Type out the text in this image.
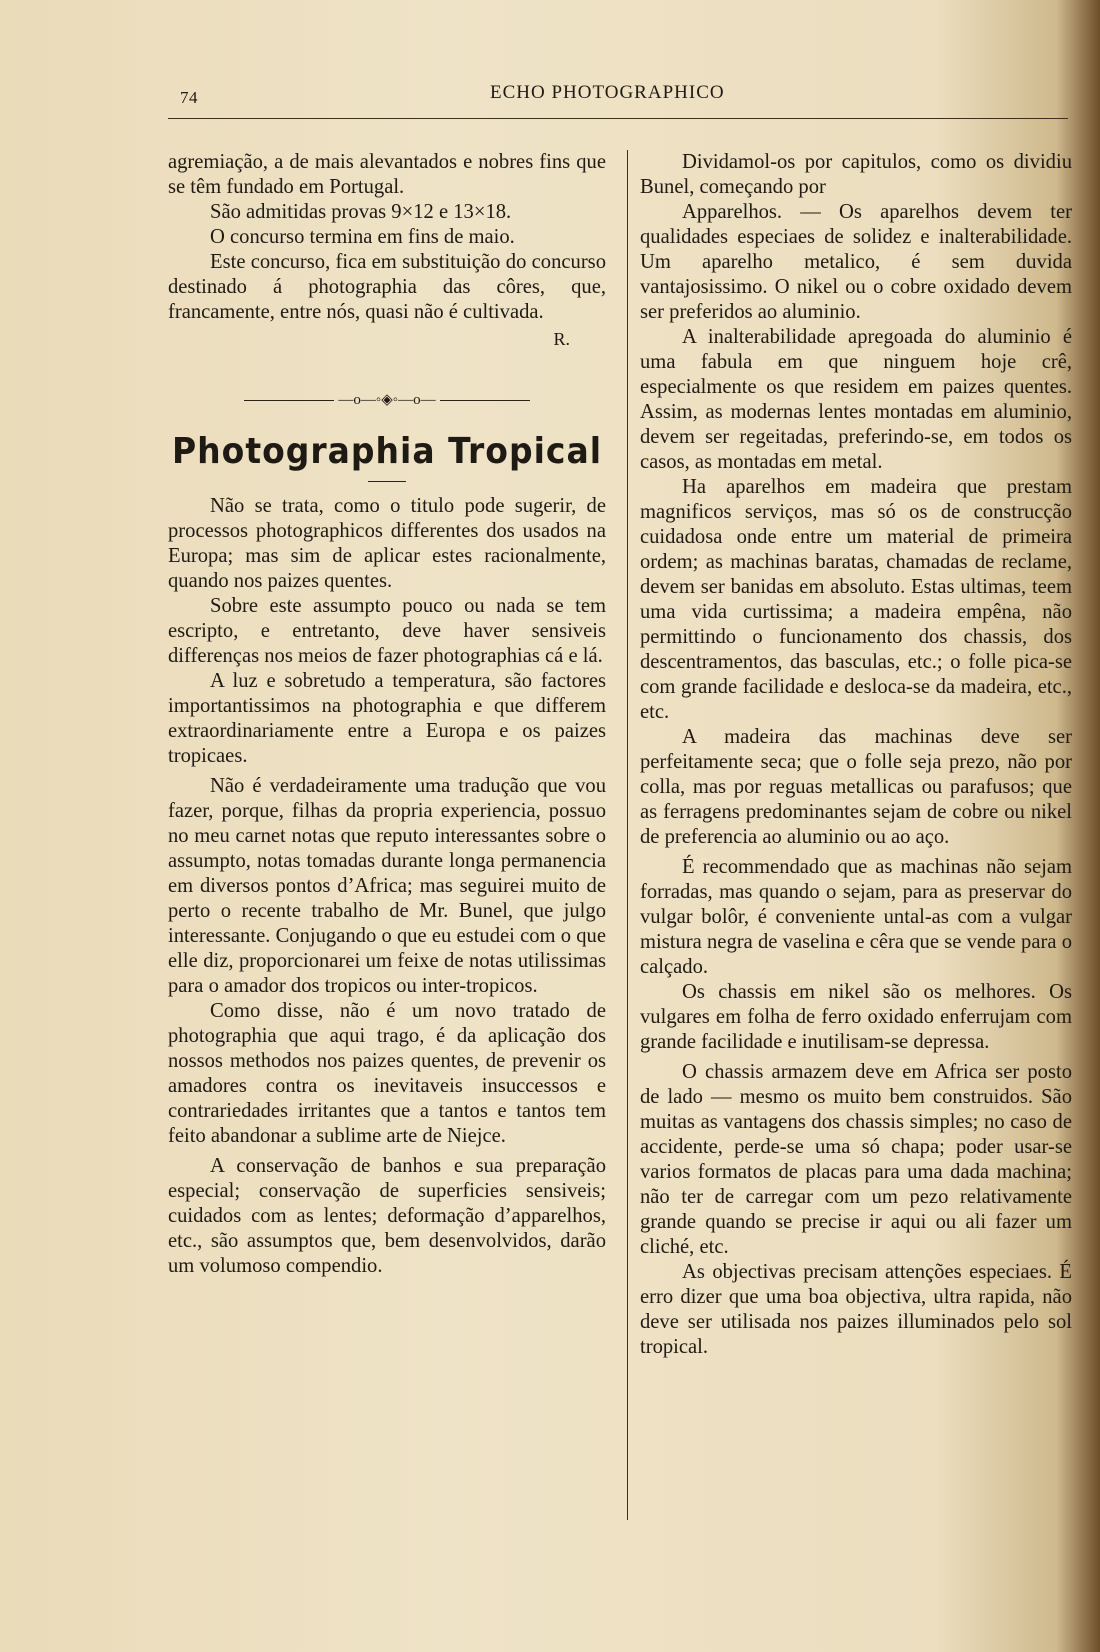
74	ECHO PHOTOGRAPHICO

agremiação, a de mais alevantados e nobres fins que se têm fundado em Portugal.

São admitidas provas 9×12 e 13×18.

O concurso termina em fins de maio.

Este concurso, fica em substituição do concurso destinado á photographia das côres, que, francamente, entre nós, quasi não é cultivada.

R.
—o—◦◈◦—o—
Photographia Tropical

Não se trata, como o titulo pode sugerir, de processos photographicos differentes dos usados na Europa; mas sim de aplicar estes racionalmente, quando nos paizes quentes.

Sobre este assumpto pouco ou nada se tem escripto, e entretanto, deve haver sensiveis differenças nos meios de fazer photographias cá e lá.

A luz e sobretudo a temperatura, são factores importantissimos na photographia e que differem extraordinariamente entre a Europa e os paizes tropicaes.

Não é verdadeiramente uma tradução que vou fazer, porque, filhas da propria experiencia, possuo no meu carnet notas que reputo interessantes sobre o assumpto, notas tomadas durante longa permanencia em diversos pontos d’Africa; mas seguirei muito de perto o recente trabalho de Mr. Bunel, que julgo interessante. Conjugando o que eu estudei com o que elle diz, proporcionarei um feixe de notas utilissimas para o amador dos tropicos ou inter-tropicos.

Como disse, não é um novo tratado de photographia que aqui trago, é da aplicação dos nossos methodos nos paizes quentes, de prevenir os amadores contra os inevitaveis insuccessos e contrariedades irritantes que a tantos e tantos tem feito abandonar a sublime arte de Niejce.

A conservação de banhos e sua preparação especial; conservação de superficies sensiveis; cuidados com as lentes; deformação d’apparelhos, etc., são assumptos que, bem desenvolvidos, darão um volumoso compendio.

Dividamol-os por capitulos, como os dividiu Bunel, começando por

Apparelhos. — Os aparelhos devem ter qualidades especiaes de solidez e inalterabilidade. Um aparelho metalico, é sem duvida vantajosissimo. O nikel ou o cobre oxidado devem ser preferidos ao aluminio.

A inalterabilidade apregoada do aluminio é uma fabula em que ninguem hoje crê, especialmente os que residem em paizes quentes. Assim, as modernas lentes montadas em aluminio, devem ser regeitadas, preferindo-se, em todos os casos, as montadas em metal.

Ha aparelhos em madeira que prestam magnificos serviços, mas só os de construcção cuidadosa onde entre um material de primeira ordem; as machinas baratas, chamadas de reclame, devem ser banidas em absoluto. Estas ultimas, teem uma vida curtissima; a madeira empêna, não permittindo o funcionamento dos chassis, dos descentramentos, das basculas, etc.; o folle pica-se com grande facilidade e desloca-se da madeira, etc., etc.

A madeira das machinas deve ser perfeitamente seca; que o folle seja prezo, não por colla, mas por reguas metallicas ou parafusos; que as ferragens predominantes sejam de cobre ou nikel de preferencia ao aluminio ou ao aço.

É recommendado que as machinas não sejam forradas, mas quando o sejam, para as preservar do vulgar bolôr, é conveniente untal-as com a vulgar mistura negra de vaselina e cêra que se vende para o calçado.

Os chassis em nikel são os melhores. Os vulgares em folha de ferro oxidado enferrujam com grande facilidade e inutilisam-se depressa.

O chassis armazem deve em Africa ser posto de lado — mesmo os muito bem construidos. São muitas as vantagens dos chassis simples; no caso de accidente, perde-se uma só chapa; poder usar-se varios formatos de placas para uma dada machina; não ter de carregar com um pezo relativamente grande quando se precise ir aqui ou ali fazer um cliché, etc.

As objectivas precisam attenções especiaes. É erro dizer que uma boa objectiva, ultra rapida, não deve ser utilisada nos paizes illuminados pelo sol tropical.
